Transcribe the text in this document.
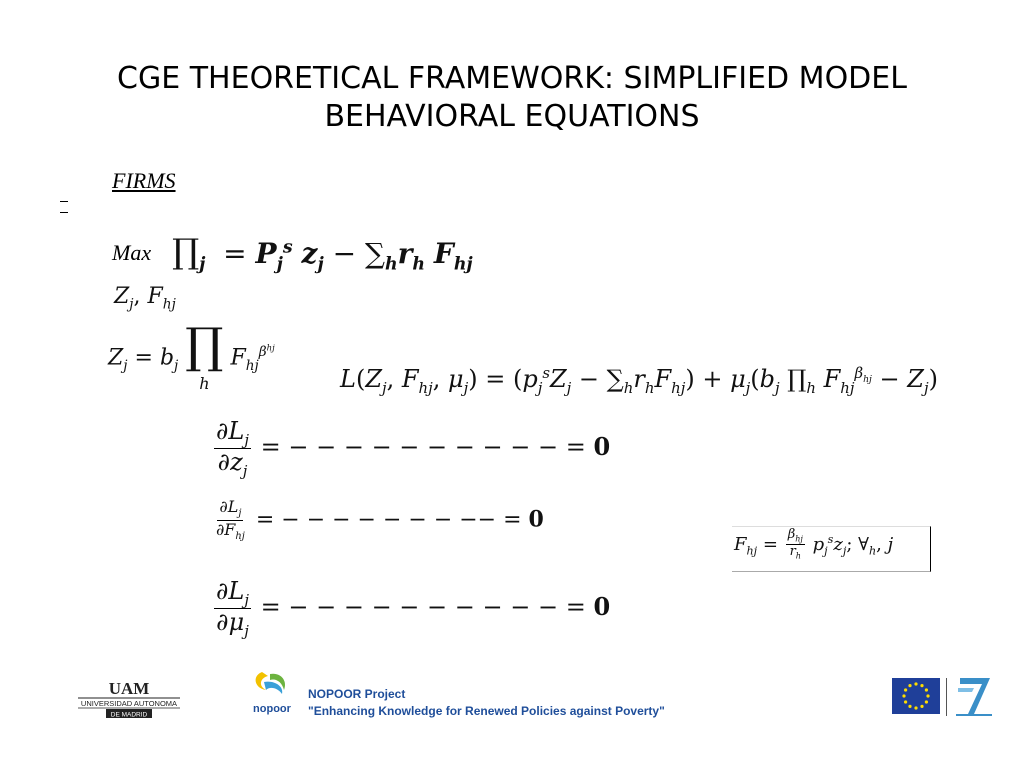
CGE THEORETICAL FRAMEWORK: SIMPLIFIED MODEL
BEHAVIORAL EQUATIONS
FIRMS
Max $\prod_j = P_j^s$ $z_j - \sum_hr_h$ $F_{hj}$
$Z_j$, $F_{hj}$
$Z_j = b_j$ ∏
h $F_{hj}^{\beta^{hj}}$
$L(Z_j$, $F_{hj}$, $\mu_j) = (p_j^sZ_j - \sum_hr_hF_{hj}) + \mu_j(b_j$ $\prod_h$ $F_{hj}^{\beta_{hj}} - Z_j$)
$\frac{\partial L_j}{\partial z_j}$ = − − − − − − − − − − = 0
$\frac{\partial L_j}{\partial F_{hj}}$ = − − − − − − − −− = 0
$\frac{\partial L_j}{\partial\mu_j}$ = − − − − − − − − − − = 0
$F_{hj} = \frac{\beta_{hj}}{r_h} p_j^sz_j$; $\forall_h$, j
UAM
UNIVERSIDAD AUTONOMA
DE MADRID	nopoor
NOPOOR Project
"Enhancing Knowledge for Renewed Policies against Poverty"
